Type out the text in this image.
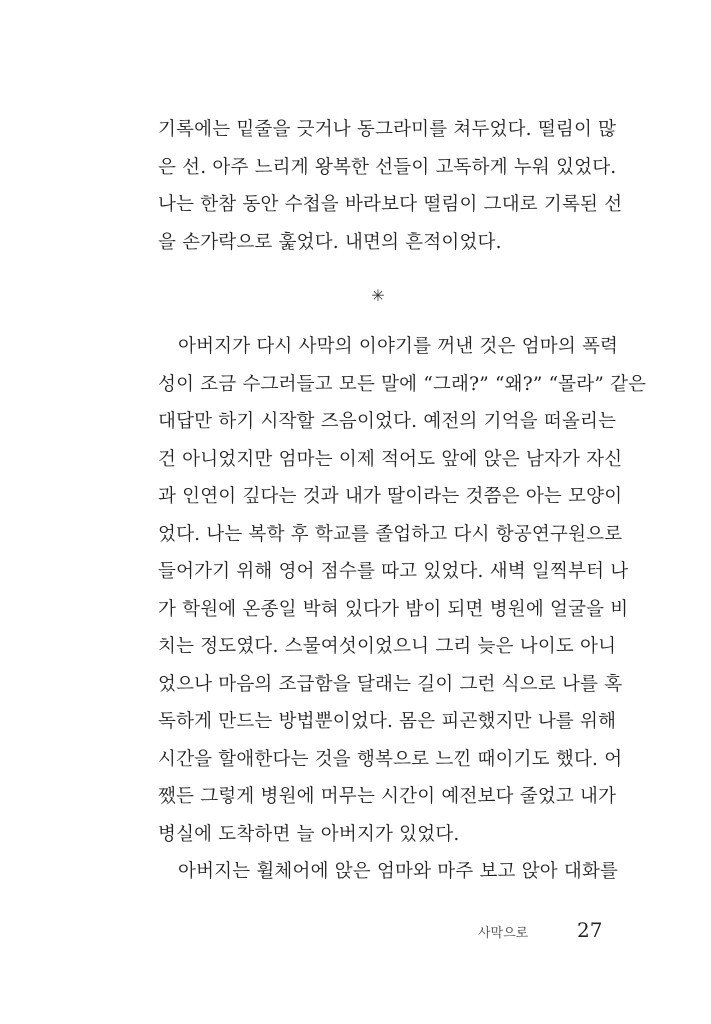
기록에는 밑줄을 긋거나 동그라미를 쳐두었다. 떨림이 많
은 선. 아주 느리게 왕복한 선들이 고독하게 누워 있었다.
나는 한참 동안 수첩을 바라보다 떨림이 그대로 기록된 선
을 손가락으로 훑었다. 내면의 흔적이었다.
✳
아버지가 다시 사막의 이야기를 꺼낸 것은 엄마의 폭력
성이 조금 수그러들고 모든 말에 “그래?” “왜?” “몰라” 같은
대답만 하기 시작할 즈음이었다. 예전의 기억을 떠올리는
건 아니었지만 엄마는 이제 적어도 앞에 앉은 남자가 자신
과 인연이 깊다는 것과 내가 딸이라는 것쯤은 아는 모양이
었다. 나는 복학 후 학교를 졸업하고 다시 항공연구원으로
들어가기 위해 영어 점수를 따고 있었다. 새벽 일찍부터 나
가 학원에 온종일 박혀 있다가 밤이 되면 병원에 얼굴을 비
치는 정도였다. 스물여섯이었으니 그리 늦은 나이도 아니
었으나 마음의 조급함을 달래는 길이 그런 식으로 나를 혹
독하게 만드는 방법뿐이었다. 몸은 피곤했지만 나를 위해
시간을 할애한다는 것을 행복으로 느낀 때이기도 했다. 어
쨌든 그렇게 병원에 머무는 시간이 예전보다 줄었고 내가
병실에 도착하면 늘 아버지가 있었다.
아버지는 휠체어에 앉은 엄마와 마주 보고 앉아 대화를
사막으로 27
